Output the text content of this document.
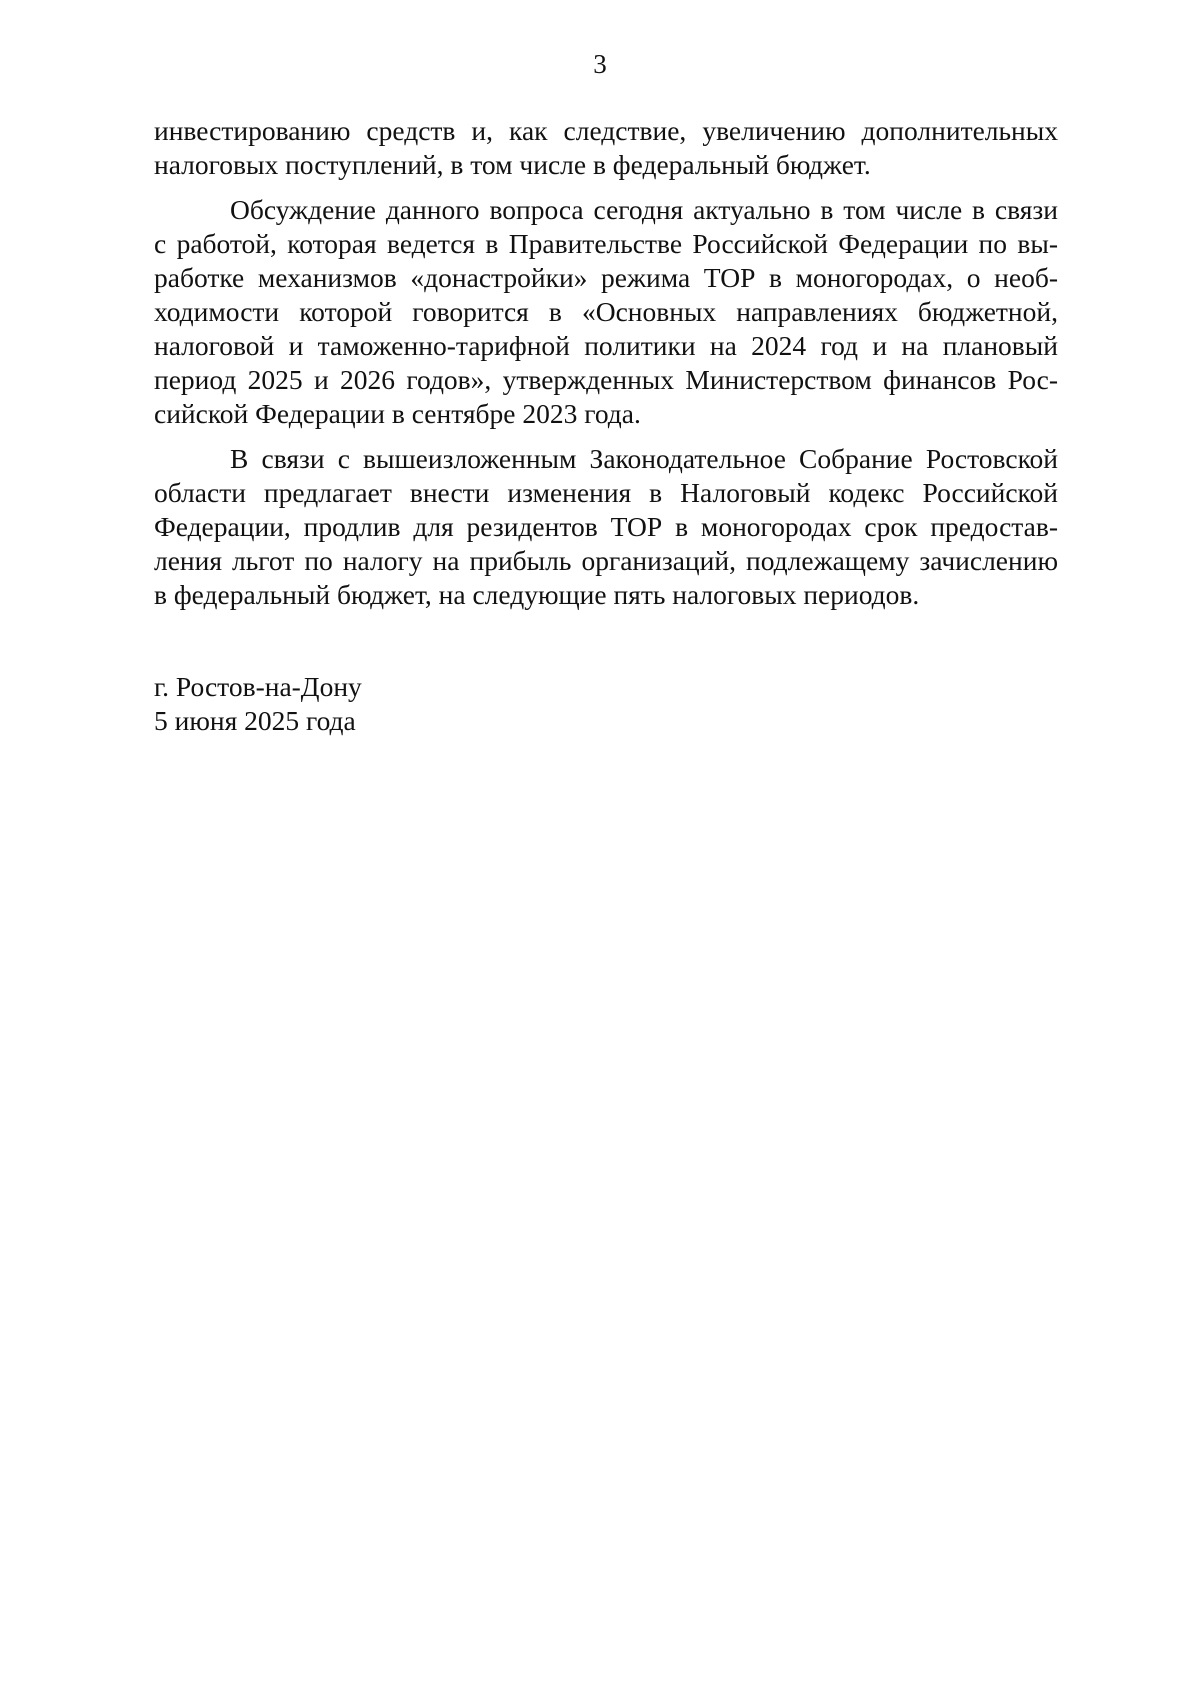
3
инвестированию средств и, как следствие, увеличению дополнительных
налоговых поступлений, в том числе в федеральный бюджет.
Обсуждение данного вопроса сегодня актуально в том числе в связи
с работой, которая ведется в Правительстве Российской Федерации по вы-
работке механизмов «донастройки» режима ТОР в моногородах, о необ-
ходимости которой говорится в «Основных направлениях бюджетной,
налоговой и таможенно-тарифной политики на 2024 год и на плановый
период 2025 и 2026 годов», утвержденных Министерством финансов Рос-
сийской Федерации в сентябре 2023 года.
В связи с вышеизложенным Законодательное Собрание Ростовской
области предлагает внести изменения в Налоговый кодекс Российской
Федерации, продлив для резидентов ТОР в моногородах срок предостав-
ления льгот по налогу на прибыль организаций, подлежащему зачислению
в федеральный бюджет, на следующие пять налоговых периодов.
г. Ростов-на-Дону
5 июня 2025 года
